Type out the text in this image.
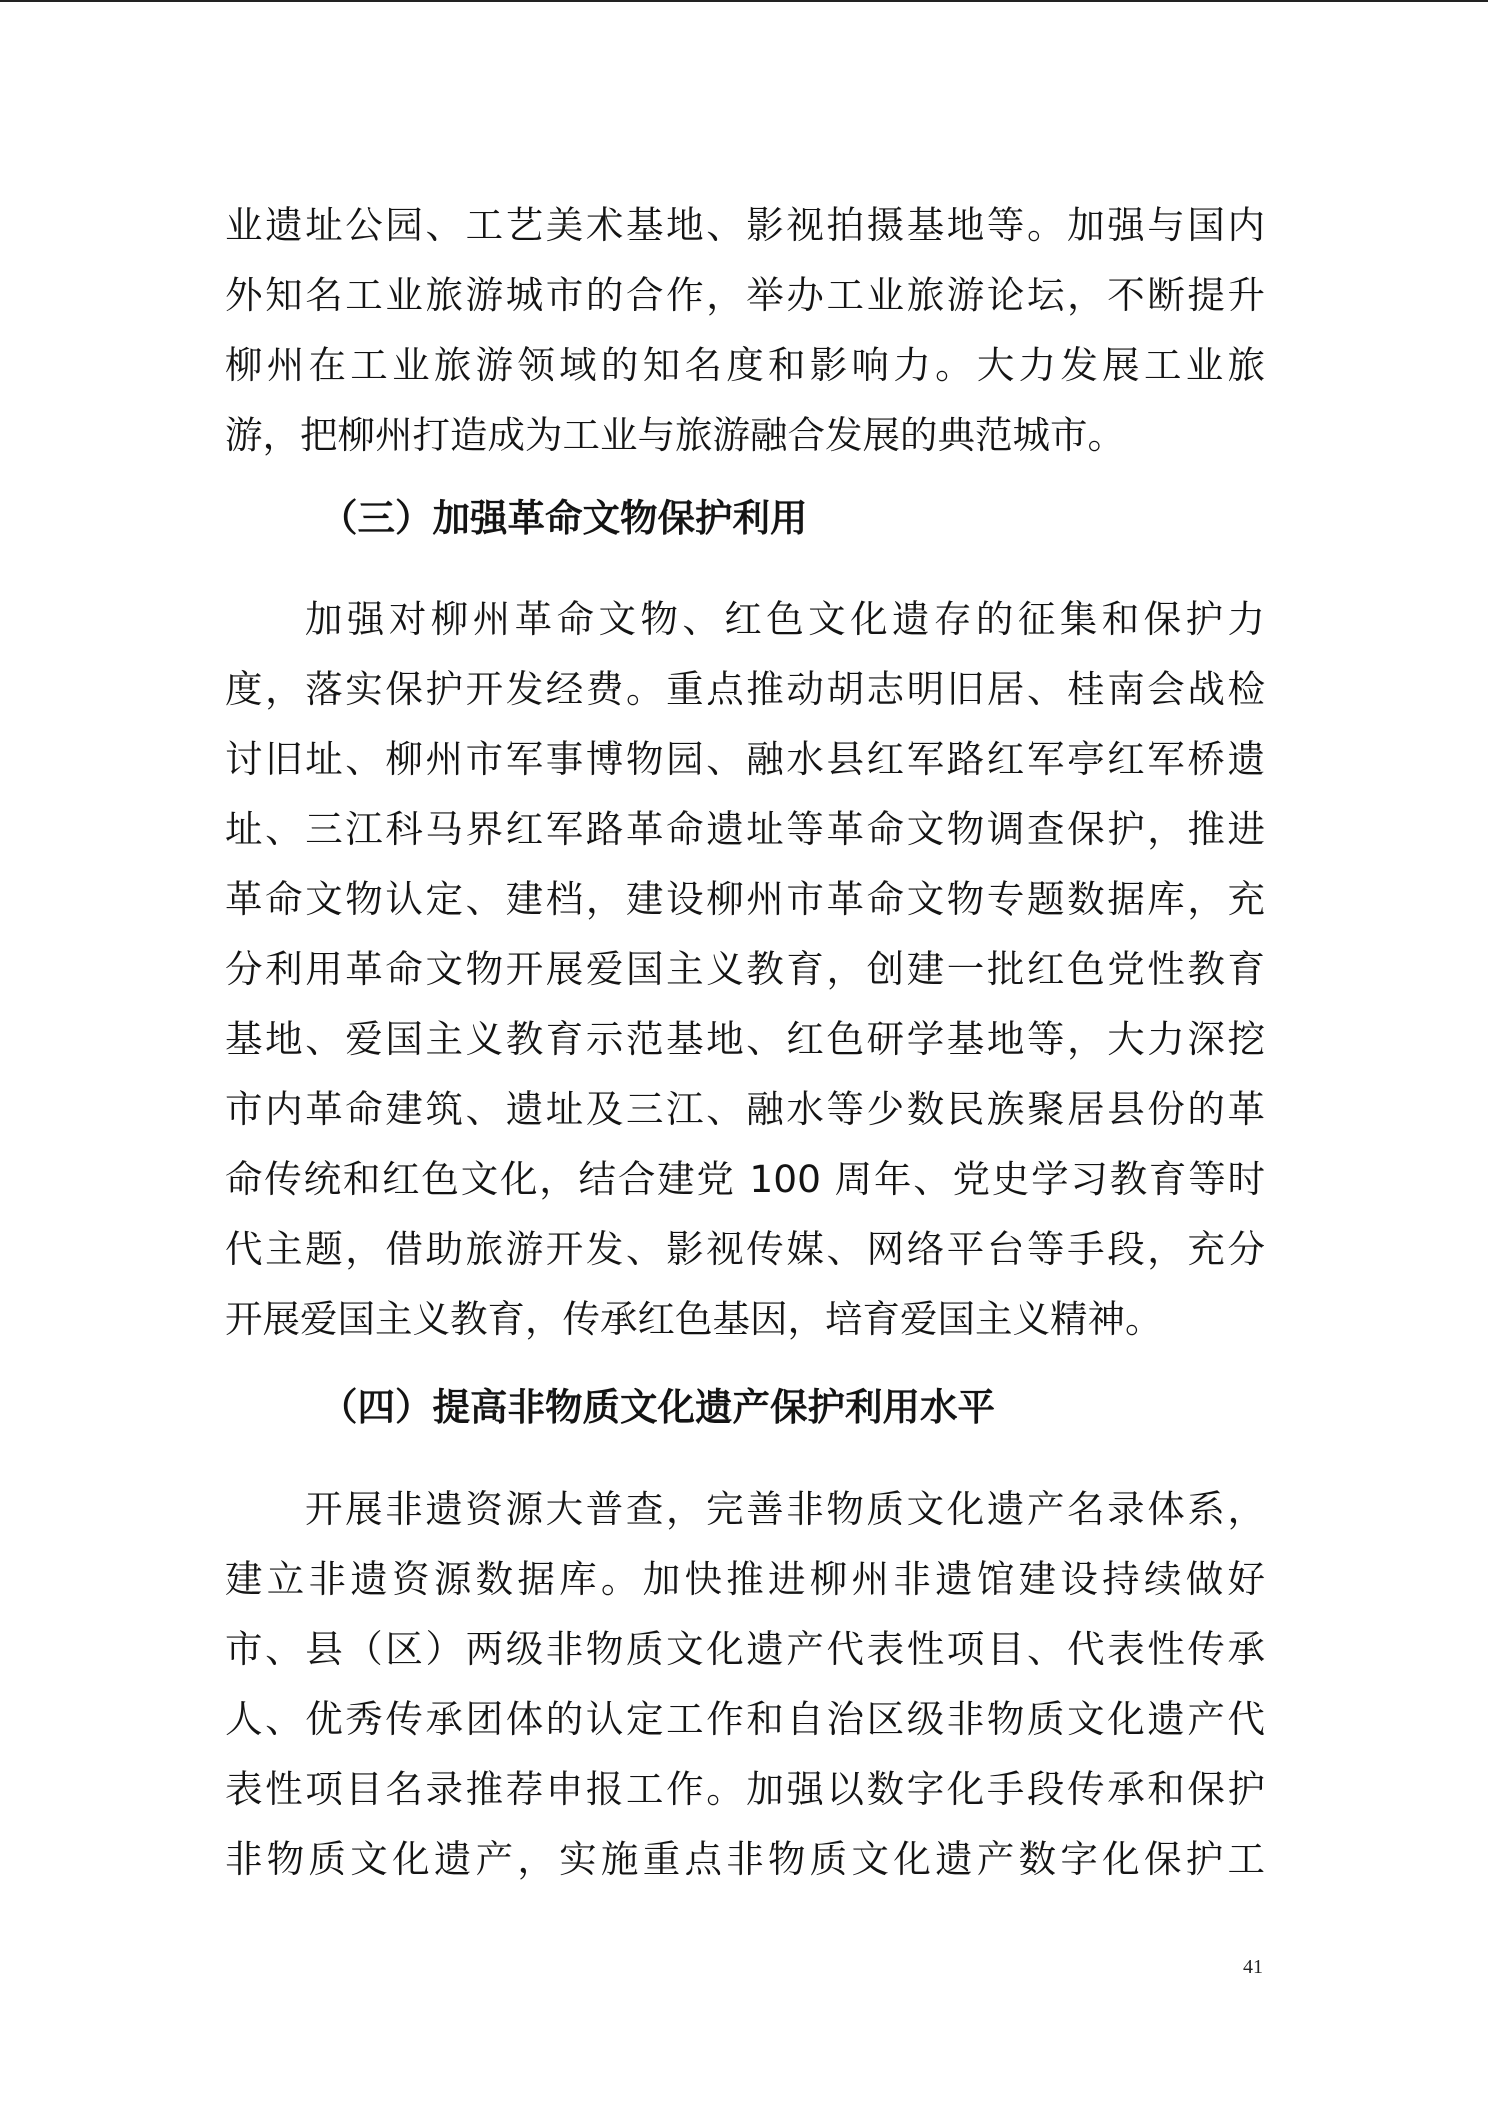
业遗址公园、工艺美术基地、影视拍摄基地等。加强与国内
外知名工业旅游城市的合作，举办工业旅游论坛，不断提升
柳州在工业旅游领域的知名度和影响力。大力发展工业旅
游，把柳州打造成为工业与旅游融合发展的典范城市。
（三）加强革命文物保护利用
加强对柳州革命文物、红色文化遗存的征集和保护力
度，落实保护开发经费。重点推动胡志明旧居、桂南会战检
讨旧址、柳州市军事博物园、融水县红军路红军亭红军桥遗
址、三江科马界红军路革命遗址等革命文物调查保护，推进
革命文物认定、建档，建设柳州市革命文物专题数据库，充
分利用革命文物开展爱国主义教育，创建一批红色党性教育
基地、爱国主义教育示范基地、红色研学基地等，大力深挖
市内革命建筑、遗址及三江、融水等少数民族聚居县份的革
命传统和红色文化，结合建党 100 周年、党史学习教育等时
代主题，借助旅游开发、影视传媒、网络平台等手段，充分
开展爱国主义教育，传承红色基因，培育爱国主义精神。
（四）提高非物质文化遗产保护利用水平
开展非遗资源大普查，完善非物质文化遗产名录体系，
建立非遗资源数据库。加快推进柳州非遗馆建设持续做好
市、县（区）两级非物质文化遗产代表性项目、代表性传承
人、优秀传承团体的认定工作和自治区级非物质文化遗产代
表性项目名录推荐申报工作。加强以数字化手段传承和保护
非物质文化遗产，实施重点非物质文化遗产数字化保护工
41
